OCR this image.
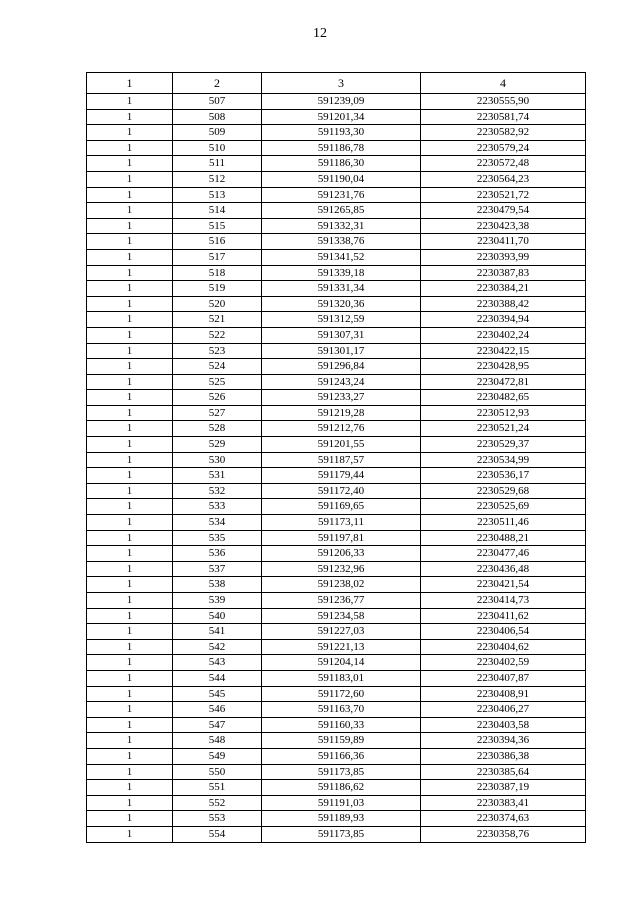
12
1	2	3	4
1	507	591239,09	2230555,90
1	508	591201,34	2230581,74
1	509	591193,30	2230582,92
1	510	591186,78	2230579,24
1	511	591186,30	2230572,48
1	512	591190,04	2230564,23
1	513	591231,76	2230521,72
1	514	591265,85	2230479,54
1	515	591332,31	2230423,38
1	516	591338,76	2230411,70
1	517	591341,52	2230393,99
1	518	591339,18	2230387,83
1	519	591331,34	2230384,21
1	520	591320,36	2230388,42
1	521	591312,59	2230394,94
1	522	591307,31	2230402,24
1	523	591301,17	2230422,15
1	524	591296,84	2230428,95
1	525	591243,24	2230472,81
1	526	591233,27	2230482,65
1	527	591219,28	2230512,93
1	528	591212,76	2230521,24
1	529	591201,55	2230529,37
1	530	591187,57	2230534,99
1	531	591179,44	2230536,17
1	532	591172,40	2230529,68
1	533	591169,65	2230525,69
1	534	591173,11	2230511,46
1	535	591197,81	2230488,21
1	536	591206,33	2230477,46
1	537	591232,96	2230436,48
1	538	591238,02	2230421,54
1	539	591236,77	2230414,73
1	540	591234,58	2230411,62
1	541	591227,03	2230406,54
1	542	591221,13	2230404,62
1	543	591204,14	2230402,59
1	544	591183,01	2230407,87
1	545	591172,60	2230408,91
1	546	591163,70	2230406,27
1	547	591160,33	2230403,58
1	548	591159,89	2230394,36
1	549	591166,36	2230386,38
1	550	591173,85	2230385,64
1	551	591186,62	2230387,19
1	552	591191,03	2230383,41
1	553	591189,93	2230374,63
1	554	591173,85	2230358,76
